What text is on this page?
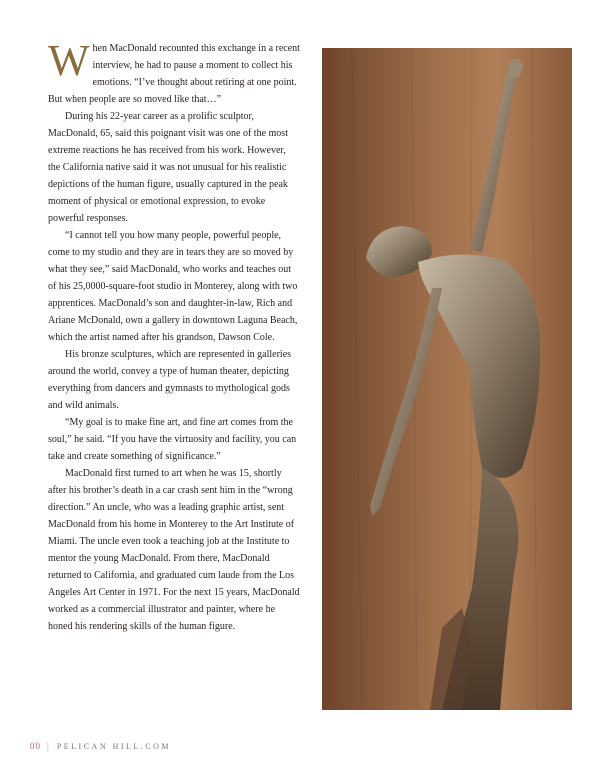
When MacDonald recounted this exchange in a recent interview, he had to pause a moment to collect his emotions. “I’ve thought about retiring at one point. But when people are so moved like that…”

During his 22-year career as a prolific sculptor, MacDonald, 65, said this poignant visit was one of the most extreme reactions he has received from his work. However, the California native said it was not unusual for his realistic depictions of the human figure, usually captured in the peak moment of physical or emotional expression, to evoke powerful responses.

“I cannot tell you how many people, powerful people, come to my studio and they are in tears they are so moved by what they see,” said MacDonald, who works and teaches out of his 25,0000-square-foot studio in Monterey, along with two apprentices. MacDonald’s son and daughter-in-law, Rich and Ariane McDonald, own a gallery in downtown Laguna Beach, which the artist named after his grandson, Dawson Cole.

His bronze sculptures, which are represented in galleries around the world, convey a type of human theater, depicting everything from dancers and gymnasts to mythological gods and wild animals.

“My goal is to make fine art, and fine art comes from the soul,” he said. “If you have the virtuosity and facility, you can take and create something of significance.”

MacDonald first turned to art when he was 15, shortly after his brother’s death in a car crash sent him in the “wrong direction.” An uncle, who was a leading graphic artist, sent MacDonald from his home in Monterey to the Art Institute of Miami. The uncle even took a teaching job at the Institute to mentor the young MacDonald. From there, MacDonald returned to California, and graduated cum laude from the Los Angeles Art Center in 1971. For the next 15 years, MacDonald worked as a commercial illustrator and painter, where he honed his rendering skills of the human figure.

00 | PELICAN HILL.COM
